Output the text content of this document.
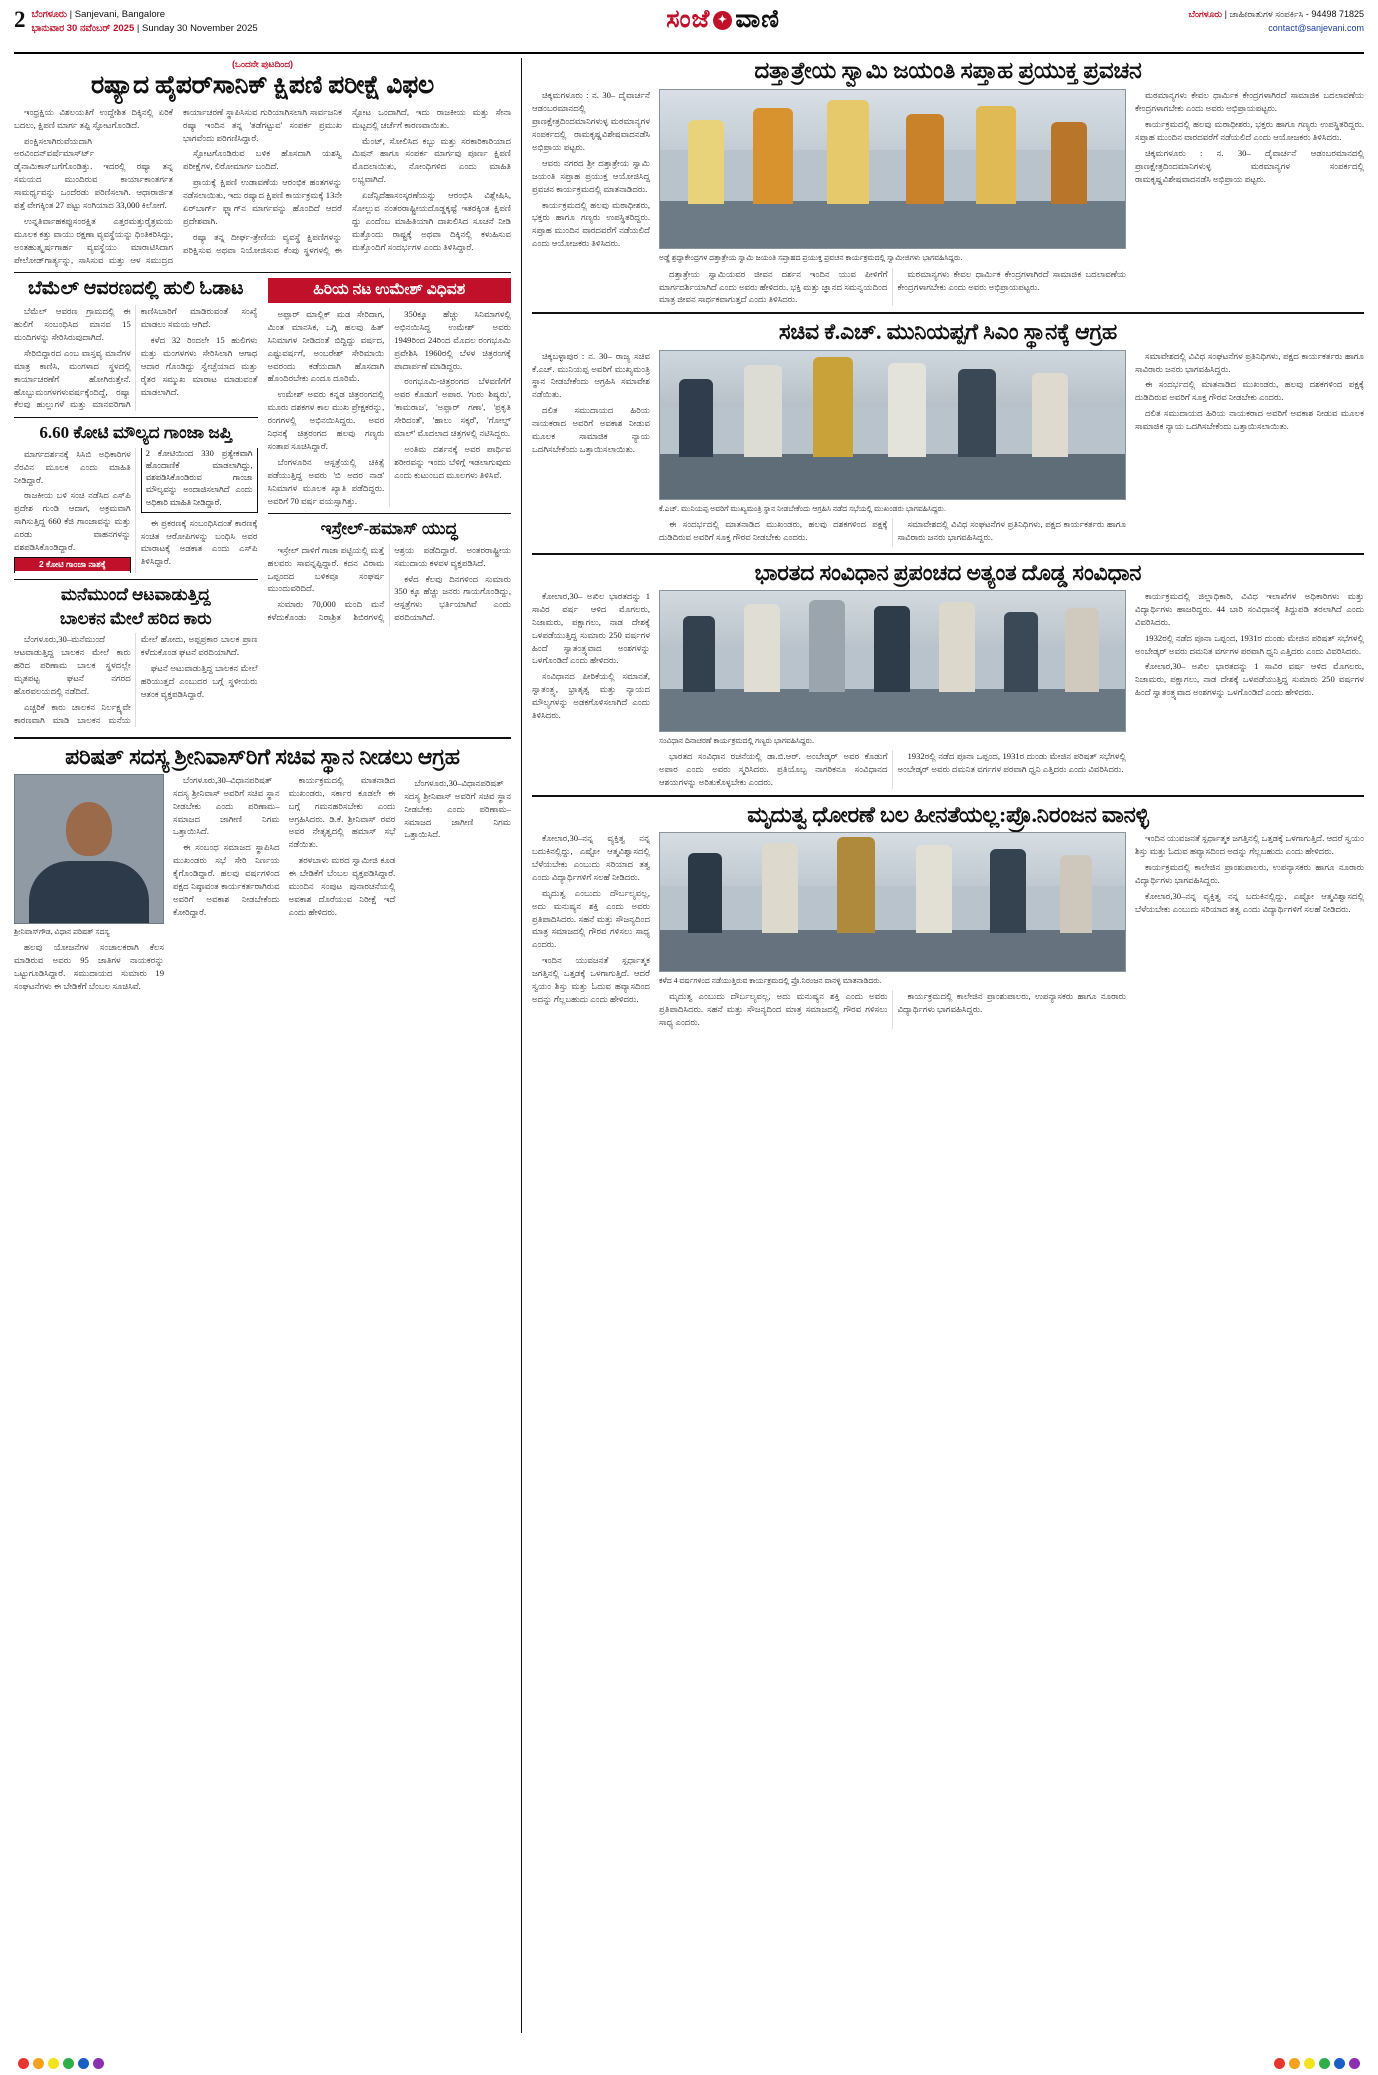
2 ಬೆಂಗಳೂರು | Sanjevani, Bangalore
ಭಾನುವಾರ 30 ನವೆಂಬರ್ 2025 | Sunday 30 November 2025	ಸಂಜೆ ✦ ವಾಣಿ	ಬೆಂಗಳೂರು | ಜಾಹೀರಾತುಗಳ ಸಂಪರ್ಕಿಸಿ - 94498 71825
contact@sanjevani.com
(ಒಂದನೇ ಪುಟದಿಂದ)
ರಷ್ಯಾದ ಹೈಪರ್‌ಸಾನಿಕ್ ಕ್ಷಿಪಣಿ ಪರೀಕ್ಷೆ ವಿಫಲ

ಇಂಧ್ರಕ್ಷಿಯ ವಿಶಲಯತಿಗೆ ಉದ್ದೇಶಿತ ದಿಕ್ಕಿನಲ್ಲಿ ಏರಿಕೆ ಬದಲು, ಕ್ಷಿಪಣಿ ಮಾರ್ಗ ತಪ್ಪಿ ಸ್ಫೋಟಗೊಂಡಿದೆ.

ಪಂಕ್ಷಿಸಲಾಗಿರುವೆಯದಾಗಿ ಅರವಿಂದನ್‌ವರ್ಷೆಮಾಸ್‌ರ್ಟ್ ಡೈನಾಮಿಕಾಸ್‌ಬಗೆಗೊಂಡಿತ್ತು. ಇದರಲ್ಲಿ ರಷ್ಯಾ ತನ್ನ ಸಮಯದ ಮುಂದಿರುವ ಕಾರ್ಯಾಕಾಂತರ್ಗತ ಸಾಮರ್ಥ್ಯವನ್ನು ಒಂದೆರಡು ಪರಿಣಿಸಲಾಗಿ. ಆಧಾರಾರ್ಜಿತ ಪತ್ತೆ ವೇಗಕ್ಕಿಂತ 27 ಪಟ್ಟು ಸಂಗಿಯಾದ 33,000 ಕಿಲೋಗೆ.

ಉನ್ನತಿರ್ವಾಹಕಪ್ಪುಸಂರಕ್ಷಿತ ಎತ್ತರಮತ್ತುರೈತ್ರಮಯ ಮೂಲಕ ಕತ್ತು ವಾಯು ರಕ್ಷಣಾ ವ್ಯವಸ್ಥೆಯನ್ನು ಧಿಂತಿಕರಿಸಿದ್ದು, ಅಂತಹುತ್ಕೃರ್ಷಗಾರ್ಹ ವ್ಯವಸ್ಥೆಯು ಮಾರಾಟಿಸಿದಾಗ ಪೇಲೋಡ್‌ಗಾರ್ತ್ಯನ್ನು, ಸಾಸಿಸುವ ಮತ್ತು ಆಳ ಸಮುದ್ರದ ಕಾರ್ಯಾಚರಣೆ ಸ್ಥಾಪಿಸಿಸುವ ಗುರಿಯಾಗಿಸಲಾಗಿ ಸಾರ್ವಜನಿಕ ರಷ್ಯಾ ಇಂದಿನ ತನ್ನ 'ತಡೆಗಟ್ಟುವ' ಸಂಪರ್ಕ ಪ್ರಮುಖ ಭಾಗವೆಂದು ಪರಿಗಣಿಸಿದ್ದಾರೆ.

ಸ್ಫೋಟಗೊಂಡಿರುವ ಬಳಿಕ ಹೊಸದಾಗಿ ಯಶಸ್ವಿ ಪರೀಕ್ಷೆಗಳ, ಲಿರೋಮಾರ್ಗ ಬಂದಿದೆ.

ಪ್ರಾಯಕ್ಕೆ ಕ್ಷಿಪಣಿ ಉಡಾವಣೆಯ ಆರಂಭಿಕ ಹಂತಗಳನ್ನು ನಡೆಸಲಾಯಿತು, ಇದು ರಷ್ಯಾದ ಕ್ಷಿಪಣಿ ಕಾರ್ಯಕ್ರಮಕ್ಕೆ 13ನೇ ಏರ್‌ಬಾರ್ಗ್ ಫ್ಲ್ಯಾಗ್‌ನ ಮಾರ್ಗವನ್ನು ಹೊಂದಿದೆ ಆದರೆ ಪ್ರದೇಶವಾಗಿ.

ರಷ್ಯಾ ತನ್ನ ದೀರ್ಘ-ತ್ರೇಣಿಯ ವ್ಯವಸ್ಥೆ ಕ್ಷಿಪಣಿಗಳನ್ನು ಪರಿಕ್ಷಿಸುವ ಅಥವಾ ನಿಯೋಜಿಸುವ ಕೆಂಪು ಸ್ಥಳಗಳಲ್ಲಿ ಈ ಸ್ಫೋಟ ಒಂದಾಗಿದೆ, ಇದು ರಾಜಕೀಯ ಮತ್ತು ಸೇನಾ ಮಟ್ಟದಲ್ಲಿ ಚರ್ಚೆಗೆ ಕಾರಣವಾಯಿತು.

ಮೆಂಟ್, ಸೋಲಿಸಿದ ಕಬ್ಬು ಮತ್ತು ಸರಕಾರಿಕಾರಿಯಾದ ಮಿಷನ್ ಹಾಗೂ ಸಂಪರ್ಕ ಮಾರ್ಗವು ಪೂರ್ಣ ಕ್ಷಿಪಣಿ ಮೊದಲಾಯಿತು, ನೋಂಧಿಗಳಿದ ಎಂದು ಮಾಹಿತಿ ಲಭ್ಯವಾಗಿದೆ.

ಏಜೆನ್ಸಿದೆಹಾಸಂಸ್ಕರಣೆಯನ್ನು ಆರಂಭಿಸಿ ವಿಶ್ಲೇಷಿಸಿ, ಸೋಲ್ಲುವ ನಂತರರಾಷ್ಟ್ರೀಯದೊಡ್ಡಕ್ಕಷ್ಟೆ ಇತರಕ್ಕಿಂತ ಕ್ಷಿಪಣಿ ದ್ದು ಎಂದೆಂಬ ಮಾಹಿತಿಯಾಗಿ ದಾಖಲಿಸಿದ ಸೂಚನೆ ನೀಡಿ ಮತ್ತೊಂದು ರಾಷ್ಟ್ರಕ್ಕೆ ಅಥವಾ ದಿಕ್ಕಿನಲ್ಲಿ ಕಳುಹಿಸುವ ಮತ್ತೊಂದಿಗೆ ಸಂದರ್ಭಗಳ ಎಂದು ತಿಳಿಸಿದ್ದಾರೆ.

ಬೆಮೆಲ್ ಆವರಣದಲ್ಲಿ ಹುಲಿ ಓಡಾಟ

ಬೆಮೆಲ್ ಆವರಣ ಗ್ರಾಮದಲ್ಲಿ ಈ ಹುಲಿಗೆ ಸಂಬಂಧಿಸಿದ ಮಾನವ 15 ಮಂದಿಗಳನ್ನು ಸೇರಿಸಿರುವುದಾಗಿದೆ.

ಸೇರಿಬಿದ್ದಾರದ ಎಂಬ ವಾಸ್ತವ್ಯ ಮಾನೆಗಳ ಮಾತ್ರ ಕಾಣಿಸಿ, ಮಂಗಳಾದ ಸ್ಥಳದಲ್ಲಿ ಕಾರ್ಯಾಚರಣೆಗೆ ಹೋಗಿರುತ್ತೇನೆ. ಹೊಬ್ಬುಮಂಗಳಗಳುವರ್ಷಕ್ಕೆಂದಿದ್ದೆ, ರಷ್ಯಾ ಕೆಲವು ಹುಲ್ಲುಗಳೆ ಮತ್ತು ಮಾನವರಿಗಾಗಿ ಕಾಣಿಸಿಬಾರಿಗೆ ಮಾಡಿರುವಂತೆ ಸಂಖ್ಯೆ ಮಾಡಲು ಸಮಯ ಆಗಿದೆ.

ಕಳೆದ 32 ರಿಂದಲೇ 15 ಹುಲಿಗಳು ಮತ್ತು ಮಂಗಳಗಳು ಸೇರಿಸಿಲಾಗಿ ಆಗಾಧ ಆದಾರ ಗೊಂಡಿದ್ದು ಸ್ವೇಚ್ಛೆಯಾದ ಮತ್ತು ರೈತರ ಸಮ್ಮುಖ ಮಾರಾಟ ಮಾಡುವಂತೆ ಮಾಡಲಾಗಿದೆ.

6.60 ಕೋಟಿ ಮೌಲ್ಯದ ಗಾಂಜಾ ಜಪ್ತಿ

ಮಾರ್ಗದರ್ಶನಕ್ಕೆ ಸಿಸಿಬಿ ಅಧಿಕಾರಿಗಳ ನೆರವಿನ ಮೂಲಕ ಎಂದು ಮಾಹಿತಿ ನೀಡಿದ್ದಾರೆ.

ರಾಜಕೀಯ ಬಳಿ ಸಂಚಿ ನಡೆಸಿದ ಎಸ್‌ಪಿ ಪ್ರದೇಶ ಗುಂಡಿ ಆದಾಗ, ಅಕ್ರಮವಾಗಿ ಸಾಗಿಸುತ್ತಿದ್ದ 660 ಕೆಜಿ ಗಾಂಜಾವನ್ನು ಮತ್ತು ಎರಡು ವಾಹನಗಳನ್ನು ವಶಪಡಿಸಿಕೊಂಡಿದ್ದಾರೆ.

2 ಕೋಟಿ ಗಾಂಜಾ ನಾಶ‌ಕ್ಕೆ

2 ಕೋಟಿಯಿಂದ 330 ಪ್ರತ್ಯೇಕವಾಗಿ ಹೊಂದಾಣಿಕೆ ಮಾಡಲಾಗಿದ್ದು, ವಶಪಡಿಸಿಕೊಂಡಿರುವ ಗಾಂಜಾ ಮೌಲ್ಯವನ್ನು ಅಂದಾಜಿಸಲಾಗಿದೆ ಎಂದು ಅಧಿಕಾರಿ ಮಾಹಿತಿ ನೀಡಿದ್ದಾರೆ.

ಈ ಪ್ರಕರಣಕ್ಕೆ ಸಂಬಂಧಿಸಿದಂತೆ ಕಾರಣಕ್ಕೆ ಸಂಚಿತ ಆರೋಪಿಗಳನ್ನು ಬಂಧಿಸಿ ಅವರ ಮಾರಾಟಕ್ಕೆ ಅಡಕಾತ ಎಂದು ಎಸ್‌ಪಿ ತಿಳಿಸಿದ್ದಾರೆ.

ಮನೆಮುಂದೆ ಆಟವಾಡುತ್ತಿದ್ದ
ಬಾಲಕನ ಮೇಲೆ ಹರಿದ ಕಾರು

ಬೆಂಗಳೂರು,30–ಮನೆಮುಂದೆ ಆಟವಾಡುತ್ತಿದ್ದ ಬಾಲಕನ ಮೇಲೆ ಕಾರು ಹರಿದ ಪರಿಣಾಮ ಬಾಲಕ ಸ್ಥಳದಲ್ಲೇ ಮೃತಪಟ್ಟ ಘಟನೆ ನಗರದ ಹೊರವಲಯದಲ್ಲಿ ನಡೆದಿದೆ.

ಎಚ್ಚರಿಕೆ ಕಾರು ಚಾಲಕನ ನಿರ್ಲಕ್ಷ್ಯವೇ ಕಾರಣವಾಗಿ ಮಾಡಿ ಬಾಲಕನ ಮನೆಯ ಮೇಲೆ ಹೋದು, ಅಪ್ಪಪ್ರಕಾರ ಬಾಲಕ ಪ್ರಾಣ ಕಳೆದುಕೊಂಡ ಘಟನೆ ವರದಿಯಾಗಿದೆ.

ಘಟನೆ ಅಟುವಾಡುತ್ತಿದ್ದ ಬಾಲಕನ ಮೇಲೆ ಹರಿಯುತ್ತದೆ ಎಂಬುದರ ಬಗ್ಗೆ ಸ್ಥಳೀಯರು ಆತಂಕ ವ್ಯಕ್ತಪಡಿಸಿದ್ದಾರೆ.

ಹಿರಿಯ ನಟ ಉಮೇಶ್ ವಿಧಿವಶ

ಅಪ್ಪಾರ್ ಮಾಲ್ಲಿಕ್ ಮಡ ಸೇರಿದಾಗ, ಮಿಂತ ಮಾನಸಿಕ, ಒಗ್ಗಿ ಹಲವು ಹಿತ್ ಸಿನಿಮಾಗಳ ನೀಡಿದಂತೆ ಬಿದ್ದಿದ್ದು ವರ್ಷದ, ಎಷ್ಟುವರ್ಷಗೆ, ಅಂಬರೇಶ್ ಸೇರಿಮಾಯಿ ಅವರಂದು ಕಡೆಯದಾಗಿ ಹೊಸದಾಗಿ ಹೊಂದಿರಬೇಕು ಎಂದೂ ದೂರಿಮೆ.

ಉಮೇಶ್ ಅವರು ಕನ್ನಡ ಚಿತ್ರರಂಗದಲ್ಲಿ ಮೂರು ದಶಕಗಳ ಕಾಲ ಮುಖ ಪ್ರೇಕ್ಷಕರನ್ನು, ರಂಗಗಳಲ್ಲಿ ಅಭಿನಯಿಸಿದ್ದರು. ಅವರ ನಿಧನಕ್ಕೆ ಚಿತ್ರರಂಗದ ಹಲವು ಗಣ್ಯರು ಸಂತಾಪ ಸೂಚಿಸಿದ್ದಾರೆ.

ಬೆಂಗಳೂರಿನ ಆಸ್ಪತ್ರೆಯಲ್ಲಿ ಚಿಕಿತ್ಸೆ ಪಡೆಯುತ್ತಿದ್ದ ಅವರು 'ಬಿ ಅದರ ನಾಡ' ಸಿನಿಮಾಗಳ ಮೂಲಕ ಖ್ಯಾತಿ ಪಡೆದಿದ್ದರು. ಅವರಿಗೆ 70 ವರ್ಷ ವಯಸ್ಸಾಗಿತ್ತು.

350ಕ್ಕೂ ಹೆಚ್ಚು ಸಿನಿಮಾಗಳಲ್ಲಿ ಅಭಿನಯಿಸಿದ್ದ ಉಮೇಶ್ ಅವರು 1949ರಿಂದ 24ರಿಂದ ಮೊದಲ ರಂಗಭೂಮಿ ಪ್ರವೇಶಿಸಿ 1960ರಲ್ಲಿ ಬೆಳಳ ಚಿತ್ರರಂಗಕ್ಕೆ ಪಾದಾರ್ಪಣೆ ಮಾಡಿದ್ದರು.

ರಂಗಭೂಮಿ-ಚಿತ್ರರಂಗದ ಬೆಳವಣಿಗೆಗೆ ಅವರ ಕೊಡುಗೆ ಅಪಾರ. 'ಗುರು ಶಿಷ್ಯರು', 'ಕಾಮರಾಜ', 'ಅಪ್ಪಾರ್ ಗಣಾ', 'ಪ್ರಕೃತಿ ಸೇರಿದಂತೆ', 'ಹಾಲು ಸಕ್ಕರೆ', 'ಗೋಲ್ಡ್ ಮಾಲ್' ಮೊದಲಾದ ಚಿತ್ರಗಳಲ್ಲಿ ನಟಿಸಿದ್ದರು.

ಅಂತಿಮ ದರ್ಶನಕ್ಕೆ ಅವರ ಪಾರ್ಥಿವ ಶರೀರವನ್ನು ಇಂದು ಬೆಳಿಗ್ಗೆ ಇಡಲಾಗುವುದು ಎಂದು ಕುಟುಂಬದ ಮೂಲಗಳು ತಿಳಿಸಿವೆ.

ಇಸ್ರೇಲ್-ಹಮಾಸ್ ಯುದ್ಧ

ಇಸ್ರೇಲ್ ದಾಳಿಗೆ ಗಾಜಾ ಪಟ್ಟಿಯಲ್ಲಿ ಮತ್ತೆ ಹಲವರು ಸಾವನ್ನಪ್ಪಿದ್ದಾರೆ. ಕದನ ವಿರಾಮ ಒಪ್ಪಂದದ ಬಳಿಕವೂ ಸಂಘರ್ಷ ಮುಂದುವರಿದಿದೆ.

ಸುಮಾರು 70,000 ಮಂದಿ ಮನೆ ಕಳೆದುಕೊಂಡು ನಿರಾಶ್ರಿತ ಶಿಬಿರಗಳಲ್ಲಿ ಆಶ್ರಯ ಪಡೆದಿದ್ದಾರೆ. ಅಂತರರಾಷ್ಟ್ರೀಯ ಸಮುದಾಯ ಕಳವಳ ವ್ಯಕ್ತಪಡಿಸಿದೆ.

ಕಳೆದ ಕೆಲವು ದಿನಗಳಿಂದ ಸುಮಾರು 350 ಕ್ಕೂ ಹೆಚ್ಚು ಜನರು ಗಾಯಗೊಂಡಿದ್ದು, ಆಸ್ಪತ್ರೆಗಳು ಭರ್ತಿಯಾಗಿವೆ ಎಂದು ವರದಿಯಾಗಿದೆ.

ಪರಿಷತ್ ಸದಸ್ಯ ಶ್ರೀನಿವಾಸ್‌ರಿಗೆ ಸಚಿವ ಸ್ಥಾನ ನೀಡಲು ಆಗ್ರಹ
ಶ್ರೀನಿವಾಸ್‌ಗೌಡ, ವಿಧಾನ ಪರಿಷತ್ ಸದಸ್ಯ

ಹಲವು ಯೋಜನೆಗಳ ಸಂಚಾಲಕರಾಗಿ ಕೆಲಸ ಮಾಡಿರುವ ಅವರು 95 ಜಾತಿಗಳ ನಾಯಕರನ್ನು ಒಟ್ಟುಗೂಡಿಸಿದ್ದಾರೆ. ಸಮುದಾಯದ ಸುಮಾರು 19 ಸಂಘಟನೆಗಳು ಈ ಬೇಡಿಕೆಗೆ ಬೆಂಬಲ ಸೂಚಿಸಿವೆ.

ಬೆಂಗಳೂರು,30–ವಿಧಾನಪರಿಷತ್ ಸದಸ್ಯ ಶ್ರೀನಿವಾಸ್ ಅವರಿಗೆ ಸಚಿವ ಸ್ಥಾನ ನೀಡಬೇಕು ಎಂದು ಪರಿಣಾಮ–ಸಮಾಜದ ಜಾಗೀಣಿ ನಿಗಮ ಒತ್ತಾಯಿಸಿದೆ.

ಈ ಸಂಬಂಧ ಸಮಾಜದ ಸ್ಥಾಪಿಸಿದ ಮುಖಂಡರು ಸಭೆ ಸೇರಿ ನಿರ್ಣಯ ಕೈಗೊಂಡಿದ್ದಾರೆ. ಹಲವು ವರ್ಷಗಳಿಂದ ಪಕ್ಷದ ನಿಷ್ಠಾವಂತ ಕಾರ್ಯಕರ್ತರಾಗಿರುವ ಅವರಿಗೆ ಅವಕಾಶ ನೀಡಬೇಕೆಂದು ಕೋರಿದ್ದಾರೆ.

ಕಾರ್ಯಕ್ರಮದಲ್ಲಿ ಮಾತನಾಡಿದ ಮುಖಂಡರು, ಸರ್ಕಾರ ಕೂಡಲೇ ಈ ಬಗ್ಗೆ ಗಮನಹರಿಸಬೇಕು ಎಂದು ಆಗ್ರಹಿಸಿದರು. ಡಿ.ಕೆ. ಶ್ರೀನಿವಾಸ್ ರವರ ಅವರ ನೇತೃತ್ವದಲ್ಲಿ ಹಮಾಸ್ ಸಭೆ ನಡೆಯಿತು.

ತರಳಬಾಳು ಮಠದ ಸ್ವಾಮೀಜಿ ಕೂಡ ಈ ಬೇಡಿಕೆಗೆ ಬೆಂಬಲ ವ್ಯಕ್ತಪಡಿಸಿದ್ದಾರೆ. ಮುಂದಿನ ಸಂಪುಟ ಪುನಾರಚನೆಯಲ್ಲಿ ಅವಕಾಶ ದೊರೆಯುವ ನಿರೀಕ್ಷೆ ಇದೆ ಎಂದು ಹೇಳಿದರು.

ಬೆಂಗಳೂರು,30–ವಿಧಾನಪರಿಷತ್ ಸದಸ್ಯ ಶ್ರೀನಿವಾಸ್ ಅವರಿಗೆ ಸಚಿವ ಸ್ಥಾನ ನೀಡಬೇಕು ಎಂದು ಪರಿಣಾಮ–ಸಮಾಜದ ಜಾಗೀಣಿ ನಿಗಮ ಒತ್ತಾಯಿಸಿದೆ.

ದತ್ತಾತ್ರೇಯ ಸ್ವಾಮಿ ಜಯಂತಿ ಸಪ್ತಾಹ ಪ್ರಯುಕ್ತ ಪ್ರವಚನ

ಚಿಕ್ಕಮಗಳೂರು : ನ. 30– ದೈವಾರ್ಚನೆ ಆಡಂಬರಮಾನದಲ್ಲಿ ಪ್ರಾಣಕ್ಷೇತ್ರದಿಂದಮಾನಿಗಳುಳ್ಳ ಮಠಮಾನ್ಯಗಳ ಸಂಪರ್ಕದಲ್ಲಿ ರಾಮಕೃಷ್ಣವಿಶೇಷವಾದನಡೆಸಿ ಅಭಿಪ್ರಾಯ ಪಟ್ಟರು.

ಆವರು ನಗರದ ಶ್ರೀ ದತ್ತಾತ್ರೇಯ ಸ್ವಾಮಿ ಜಯಂತಿ ಸಪ್ತಾಹ ಪ್ರಯುಕ್ತ ಆಯೋಜಿಸಿದ್ದ ಪ್ರವಚನ ಕಾರ್ಯಕ್ರಮದಲ್ಲಿ ಮಾತನಾಡಿದರು.

ಕಾರ್ಯಕ್ರಮದಲ್ಲಿ ಹಲವು ಮಠಾಧೀಶರು, ಭಕ್ತರು ಹಾಗೂ ಗಣ್ಯರು ಉಪಸ್ಥಿತರಿದ್ದರು. ಸಪ್ತಾಹ ಮುಂದಿನ ವಾರದವರೆಗೆ ನಡೆಯಲಿದೆ ಎಂದು ಆಯೋಜಕರು ತಿಳಿಸಿದರು.

ಅಡ್ಡೆ ಶ್ರದ್ಧಾಕೇಂದ್ರಗಳ ದತ್ತಾತ್ರೇಯ ಸ್ವಾಮಿ ಜಯಂತಿ ಸಪ್ತಾಹದ ಪ್ರಯುಕ್ತ ಪ್ರವಚನ ಕಾರ್ಯಕ್ರಮದಲ್ಲಿ ಸ್ವಾಮೀಜಿಗಳು ಭಾಗವಹಿಸಿದ್ದರು.

ದತ್ತಾತ್ರೇಯ ಸ್ವಾಮಿಯವರ ಜೀವನ ದರ್ಶನ ಇಂದಿನ ಯುವ ಪೀಳಿಗೆಗೆ ಮಾರ್ಗದರ್ಶಿಯಾಗಿದೆ ಎಂದು ಅವರು ಹೇಳಿದರು. ಭಕ್ತಿ ಮತ್ತು ಜ್ಞಾನದ ಸಮನ್ವಯದಿಂದ ಮಾತ್ರ ಜೀವನ ಸಾರ್ಥಕವಾಗುತ್ತದೆ ಎಂದು ತಿಳಿಸಿದರು.

ಮಠಮಾನ್ಯಗಳು ಕೇವಲ ಧಾರ್ಮಿಕ ಕೇಂದ್ರಗಳಾಗಿರದೆ ಸಾಮಾಜಿಕ ಬದಲಾವಣೆಯ ಕೇಂದ್ರಗಳಾಗಬೇಕು ಎಂದು ಅವರು ಅಭಿಪ್ರಾಯಪಟ್ಟರು.

ಮಠಮಾನ್ಯಗಳು ಕೇವಲ ಧಾರ್ಮಿಕ ಕೇಂದ್ರಗಳಾಗಿರದೆ ಸಾಮಾಜಿಕ ಬದಲಾವಣೆಯ ಕೇಂದ್ರಗಳಾಗಬೇಕು ಎಂದು ಅವರು ಅಭಿಪ್ರಾಯಪಟ್ಟರು.

ಕಾರ್ಯಕ್ರಮದಲ್ಲಿ ಹಲವು ಮಠಾಧೀಶರು, ಭಕ್ತರು ಹಾಗೂ ಗಣ್ಯರು ಉಪಸ್ಥಿತರಿದ್ದರು. ಸಪ್ತಾಹ ಮುಂದಿನ ವಾರದವರೆಗೆ ನಡೆಯಲಿದೆ ಎಂದು ಆಯೋಜಕರು ತಿಳಿಸಿದರು.

ಚಿಕ್ಕಮಗಳೂರು : ನ. 30– ದೈವಾರ್ಚನೆ ಆಡಂಬರಮಾನದಲ್ಲಿ ಪ್ರಾಣಕ್ಷೇತ್ರದಿಂದಮಾನಿಗಳುಳ್ಳ ಮಠಮಾನ್ಯಗಳ ಸಂಪರ್ಕದಲ್ಲಿ ರಾಮಕೃಷ್ಣವಿಶೇಷವಾದನಡೆಸಿ ಅಭಿಪ್ರಾಯ ಪಟ್ಟರು.

ಸಚಿವ ಕೆ.ಎಚ್. ಮುನಿಯಪ್ಪಗೆ ಸಿಎಂ ಸ್ಥಾನಕ್ಕೆ ಆಗ್ರಹ

ಚಿಕ್ಕಬಳ್ಳಾಪುರ : ನ. 30– ರಾಜ್ಯ ಸಚಿವ ಕೆ.ಎಚ್. ಮುನಿಯಪ್ಪ ಅವರಿಗೆ ಮುಖ್ಯಮಂತ್ರಿ ಸ್ಥಾನ ನೀಡಬೇಕೆಂದು ಆಗ್ರಹಿಸಿ ಸಮಾವೇಶ ನಡೆಯಿತು.

ದಲಿತ ಸಮುದಾಯದ ಹಿರಿಯ ನಾಯಕರಾದ ಅವರಿಗೆ ಅವಕಾಶ ನೀಡುವ ಮೂಲಕ ಸಾಮಾಜಿಕ ನ್ಯಾಯ ಒದಗಿಸಬೇಕೆಂದು ಒತ್ತಾಯಿಸಲಾಯಿತು.

ಕೆ.ಎಚ್. ಮುನಿಯಪ್ಪ ಅವರಿಗೆ ಮುಖ್ಯಮಂತ್ರಿ ಸ್ಥಾನ ನೀಡಬೇಕೆಂದು ಆಗ್ರಹಿಸಿ ನಡೆದ ಸಭೆಯಲ್ಲಿ ಮುಖಂಡರು ಭಾಗವಹಿಸಿದ್ದರು.

ಈ ಸಂದರ್ಭದಲ್ಲಿ ಮಾತನಾಡಿದ ಮುಖಂಡರು, ಹಲವು ದಶಕಗಳಿಂದ ಪಕ್ಷಕ್ಕೆ ದುಡಿದಿರುವ ಅವರಿಗೆ ಸೂಕ್ತ ಗೌರವ ನೀಡಬೇಕು ಎಂದರು.

ಸಮಾವೇಶದಲ್ಲಿ ವಿವಿಧ ಸಂಘಟನೆಗಳ ಪ್ರತಿನಿಧಿಗಳು, ಪಕ್ಷದ ಕಾರ್ಯಕರ್ತರು ಹಾಗೂ ಸಾವಿರಾರು ಜನರು ಭಾಗವಹಿಸಿದ್ದರು.

ಸಮಾವೇಶದಲ್ಲಿ ವಿವಿಧ ಸಂಘಟನೆಗಳ ಪ್ರತಿನಿಧಿಗಳು, ಪಕ್ಷದ ಕಾರ್ಯಕರ್ತರು ಹಾಗೂ ಸಾವಿರಾರು ಜನರು ಭಾಗವಹಿಸಿದ್ದರು.

ಈ ಸಂದರ್ಭದಲ್ಲಿ ಮಾತನಾಡಿದ ಮುಖಂಡರು, ಹಲವು ದಶಕಗಳಿಂದ ಪಕ್ಷಕ್ಕೆ ದುಡಿದಿರುವ ಅವರಿಗೆ ಸೂಕ್ತ ಗೌರವ ನೀಡಬೇಕು ಎಂದರು.

ದಲಿತ ಸಮುದಾಯದ ಹಿರಿಯ ನಾಯಕರಾದ ಅವರಿಗೆ ಅವಕಾಶ ನೀಡುವ ಮೂಲಕ ಸಾಮಾಜಿಕ ನ್ಯಾಯ ಒದಗಿಸಬೇಕೆಂದು ಒತ್ತಾಯಿಸಲಾಯಿತು.

ಭಾರತದ ಸಂವಿಧಾನ ಪ್ರಪಂಚದ ಅತ್ಯಂತ ದೊಡ್ಡ ಸಂವಿಧಾನ

ಕೋಲಾರ,30– ಅಖಿಲ ಭಾರತದನ್ನು 1 ಸಾವಿರ ವರ್ಷ ಆಳಿದ ಮೊಗಲರು, ನಿಜಾಮರು, ಪಕ್ಷಾಗಲು, ನಾಡ ದೇಶಕ್ಕೆ ಒಳಪಡೆಯುತ್ತಿದ್ದ ಸುಮಾರು 250 ವರ್ಷಗಳ ಹಿಂದೆ ಸ್ವಾತಂತ್ರ್ಯವಾದ ಅಂಶಗಳನ್ನು ಒಳಗೊಂಡಿದೆ ಎಂದು ಹೇಳಿದರು.

ಸಂವಿಧಾನದ ಪೀಠಿಕೆಯಲ್ಲಿ ಸಮಾನತೆ, ಸ್ವಾತಂತ್ರ್ಯ, ಭ್ರಾತೃತ್ವ ಮತ್ತು ನ್ಯಾಯದ ಮೌಲ್ಯಗಳನ್ನು ಅಡಕಗೊಳಿಸಲಾಗಿದೆ ಎಂದು ತಿಳಿಸಿದರು.

ಸಂವಿಧಾನ ದಿನಾಚರಣೆ ಕಾರ್ಯಕ್ರಮದಲ್ಲಿ ಗಣ್ಯರು ಭಾಗವಹಿಸಿದ್ದರು.

ಭಾರತದ ಸಂವಿಧಾನ ರಚನೆಯಲ್ಲಿ ಡಾ.ಬಿ.ಆರ್. ಅಂಬೇಡ್ಕರ್ ಅವರ ಕೊಡುಗೆ ಅಪಾರ ಎಂದು ಅವರು ಸ್ಮರಿಸಿದರು. ಪ್ರತಿಯೊಬ್ಬ ನಾಗರಿಕನೂ ಸಂವಿಧಾನದ ಆಶಯಗಳನ್ನು ಅರಿತುಕೊಳ್ಳಬೇಕು ಎಂದರು.

1932ರಲ್ಲಿ ನಡೆದ ಪೂನಾ ಒಪ್ಪಂದ, 1931ರ ದುಂಡು ಮೇಜಿನ ಪರಿಷತ್ ಸಭೆಗಳಲ್ಲಿ ಅಂಬೇಡ್ಕರ್ ಅವರು ದಮನಿತ ವರ್ಗಗಳ ಪರವಾಗಿ ಧ್ವನಿ ಎತ್ತಿದರು ಎಂದು ವಿವರಿಸಿದರು.

ಕಾರ್ಯಕ್ರಮದಲ್ಲಿ ಜಿಲ್ಲಾಧಿಕಾರಿ, ವಿವಿಧ ಇಲಾಖೆಗಳ ಅಧಿಕಾರಿಗಳು ಮತ್ತು ವಿದ್ಯಾರ್ಥಿಗಳು ಹಾಜರಿದ್ದರು. 44 ಬಾರಿ ಸಂವಿಧಾನಕ್ಕೆ ತಿದ್ದುಪಡಿ ತರಲಾಗಿದೆ ಎಂದು ವಿವರಿಸಿದರು.

1932ರಲ್ಲಿ ನಡೆದ ಪೂನಾ ಒಪ್ಪಂದ, 1931ರ ದುಂಡು ಮೇಜಿನ ಪರಿಷತ್ ಸಭೆಗಳಲ್ಲಿ ಅಂಬೇಡ್ಕರ್ ಅವರು ದಮನಿತ ವರ್ಗಗಳ ಪರವಾಗಿ ಧ್ವನಿ ಎತ್ತಿದರು ಎಂದು ವಿವರಿಸಿದರು.

ಕೋಲಾರ,30– ಅಖಿಲ ಭಾರತದನ್ನು 1 ಸಾವಿರ ವರ್ಷ ಆಳಿದ ಮೊಗಲರು, ನಿಜಾಮರು, ಪಕ್ಷಾಗಲು, ನಾಡ ದೇಶಕ್ಕೆ ಒಳಪಡೆಯುತ್ತಿದ್ದ ಸುಮಾರು 250 ವರ್ಷಗಳ ಹಿಂದೆ ಸ್ವಾತಂತ್ರ್ಯವಾದ ಅಂಶಗಳನ್ನು ಒಳಗೊಂಡಿದೆ ಎಂದು ಹೇಳಿದರು.

ಮೃದುತ್ವ ಧೋರಣೆ ಬಲ ಹೀನತೆಯಲ್ಲ:ಪ್ರೊ.ನಿರಂಜನ ವಾನಳ್ಳಿ

ಕೋಲಾರ,30–ನನ್ನ ವ್ಯಕ್ತಿತ್ವ ನನ್ನ ಬದುಕಿನಲ್ಲಿದ್ದು, ಎಷ್ಟೋ ಆತ್ಮವಿಶ್ವಾಸದಲ್ಲಿ ಬೆಳೆಯಬೇಕು ಎಂಬುದು ಸರಿಯಾದ ತತ್ವ ಎಂದು ವಿದ್ಯಾರ್ಥಿಗಳಿಗೆ ಸಲಹೆ ನೀಡಿದರು.

ಮೃದುತ್ವ ಎಂಬುದು ದೌರ್ಬಲ್ಯವಲ್ಲ, ಅದು ಮನುಷ್ಯನ ಶಕ್ತಿ ಎಂದು ಅವರು ಪ್ರತಿಪಾದಿಸಿದರು. ಸಹನೆ ಮತ್ತು ಸೌಜನ್ಯದಿಂದ ಮಾತ್ರ ಸಮಾಜದಲ್ಲಿ ಗೌರವ ಗಳಿಸಲು ಸಾಧ್ಯ ಎಂದರು.

ಇಂದಿನ ಯುವಜನತೆ ಸ್ಪರ್ಧಾತ್ಮಕ ಜಗತ್ತಿನಲ್ಲಿ ಒತ್ತಡಕ್ಕೆ ಒಳಗಾಗುತ್ತಿದೆ. ಆದರೆ ಸ್ವಯಂ ಶಿಸ್ತು ಮತ್ತು ಓದುವ ಹವ್ಯಾಸದಿಂದ ಅದನ್ನು ಗೆಲ್ಲಬಹುದು ಎಂದು ಹೇಳಿದರು.

ಕಳೆದ 4 ವರ್ಷಗಳಿಂದ ನಡೆಯುತ್ತಿರುವ ಕಾರ್ಯಕ್ರಮದಲ್ಲಿ ಪ್ರೊ.ನಿರಂಜನ ವಾನಳ್ಳಿ ಮಾತನಾಡಿದರು.

ಮೃದುತ್ವ ಎಂಬುದು ದೌರ್ಬಲ್ಯವಲ್ಲ, ಅದು ಮನುಷ್ಯನ ಶಕ್ತಿ ಎಂದು ಅವರು ಪ್ರತಿಪಾದಿಸಿದರು. ಸಹನೆ ಮತ್ತು ಸೌಜನ್ಯದಿಂದ ಮಾತ್ರ ಸಮಾಜದಲ್ಲಿ ಗೌರವ ಗಳಿಸಲು ಸಾಧ್ಯ ಎಂದರು.

ಕಾರ್ಯಕ್ರಮದಲ್ಲಿ ಕಾಲೇಜಿನ ಪ್ರಾಂಶುಪಾಲರು, ಉಪನ್ಯಾಸಕರು ಹಾಗೂ ನೂರಾರು ವಿದ್ಯಾರ್ಥಿಗಳು ಭಾಗವಹಿಸಿದ್ದರು.

ಇಂದಿನ ಯುವಜನತೆ ಸ್ಪರ್ಧಾತ್ಮಕ ಜಗತ್ತಿನಲ್ಲಿ ಒತ್ತಡಕ್ಕೆ ಒಳಗಾಗುತ್ತಿದೆ. ಆದರೆ ಸ್ವಯಂ ಶಿಸ್ತು ಮತ್ತು ಓದುವ ಹವ್ಯಾಸದಿಂದ ಅದನ್ನು ಗೆಲ್ಲಬಹುದು ಎಂದು ಹೇಳಿದರು.

ಕಾರ್ಯಕ್ರಮದಲ್ಲಿ ಕಾಲೇಜಿನ ಪ್ರಾಂಶುಪಾಲರು, ಉಪನ್ಯಾಸಕರು ಹಾಗೂ ನೂರಾರು ವಿದ್ಯಾರ್ಥಿಗಳು ಭಾಗವಹಿಸಿದ್ದರು.

ಕೋಲಾರ,30–ನನ್ನ ವ್ಯಕ್ತಿತ್ವ ನನ್ನ ಬದುಕಿನಲ್ಲಿದ್ದು, ಎಷ್ಟೋ ಆತ್ಮವಿಶ್ವಾಸದಲ್ಲಿ ಬೆಳೆಯಬೇಕು ಎಂಬುದು ಸರಿಯಾದ ತತ್ವ ಎಂದು ವಿದ್ಯಾರ್ಥಿಗಳಿಗೆ ಸಲಹೆ ನೀಡಿದರು.
